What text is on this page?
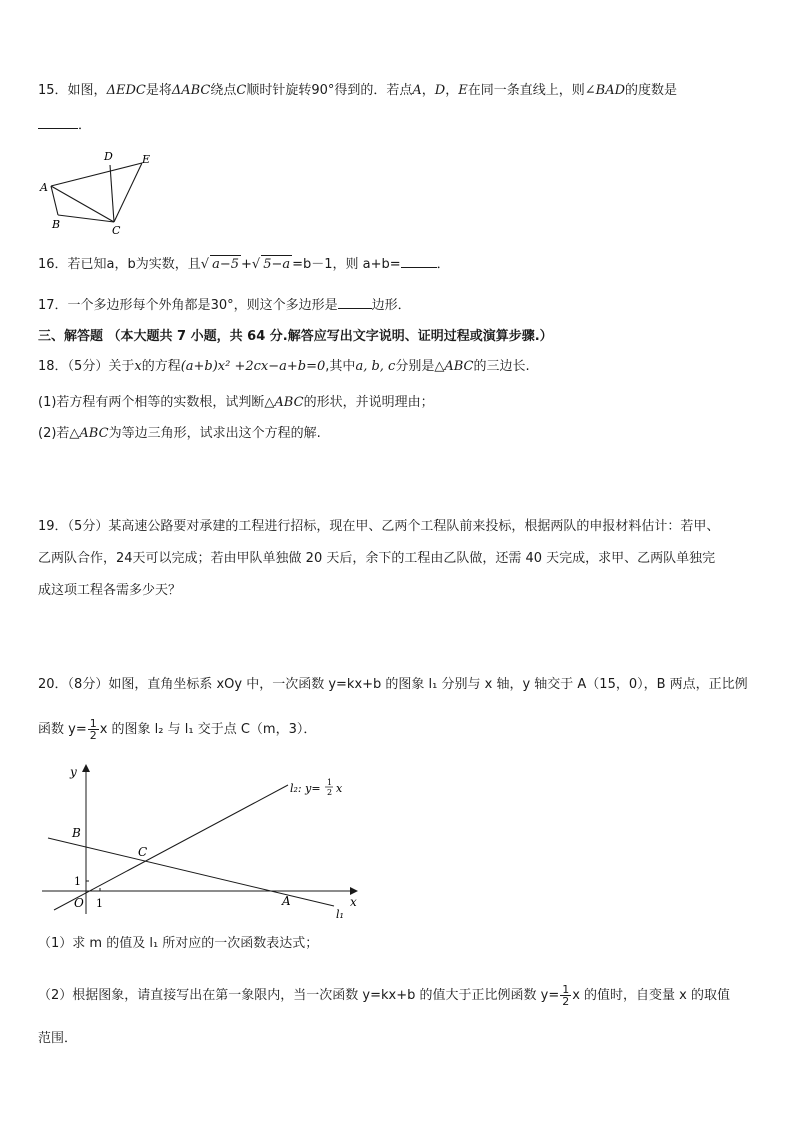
15．如图，ΔEDC是将ΔABC绕点C顺时针旋转90°得到的．若点A，D，E在同一条直线上，则∠BAD的度数是
．
A
B	C
D	E
16．若已知a，b为实数，且√ a−5 +√ 5−a =b－1，则 a+b=	．
17．一个多边形每个外角都是30°，则这个多边形是	边形．
三、解答题 （本大题共 7 小题，共 64 分.解答应写出文字说明、证明过程或演算步骤.）
18．（5分）关于x的方程(a+b)x² +2cx−a+b=0,其中a, b, c分别是△ABC的三边长.
(1)若方程有两个相等的实数根，试判断△ABC的形状，并说明理由；
(2)若△ABC为等边三角形，试求出这个方程的解.
19．（5分）某高速公路要对承建的工程进行招标，现在甲、乙两个工程队前来投标，根据两队的申报材料估计：若甲、
乙两队合作，24天可以完成；若由甲队单独做 20 天后，余下的工程由乙队做，还需 40 天完成，求甲、乙两队单独完
成这项工程各需多少天？
20．（8分）如图，直角坐标系 xOy 中，一次函数 y=kx+b 的图象 l₁ 分别与 x 轴，y 轴交于 A（15，0），B 两点，正比例
函数 $y= \frac{1}{2}$ x 的图象 l₂ 与 l₁ 交于点 C（m，3）．
y
x
O
B
C
A
1
1
l₁
l₂: y= 1
2 x
（1）求 m 的值及 l₁ 所对应的一次函数表达式；
（2）根据图象，请直接写出在第一象限内，当一次函数 y=kx+b 的值大于正比例函数 $y= \frac{1}{2}$ x 的值时，自变量 x 的取值
范围．
